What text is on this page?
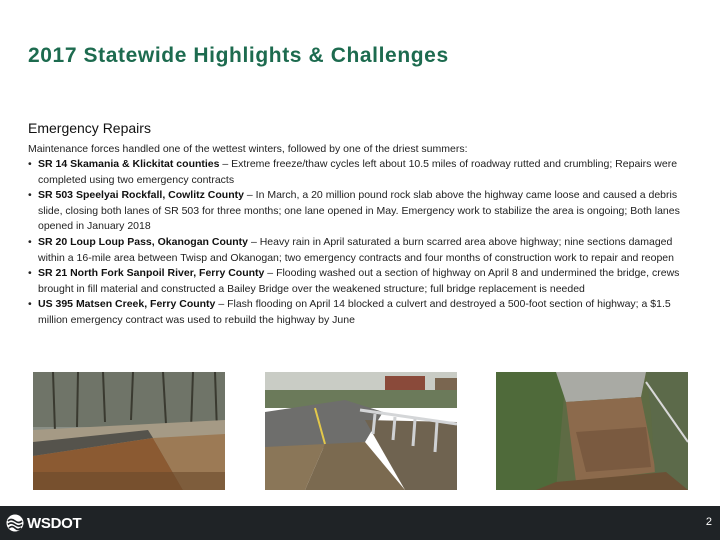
2017 Statewide Highlights & Challenges
Emergency Repairs
Maintenance forces handled one of the wettest winters, followed by one of the driest summers:
• SR 14 Skamania & Klickitat counties – Extreme freeze/thaw cycles left about 10.5 miles of roadway rutted and crumbling; Repairs were completed using two emergency contracts
• SR 503 Speelyai Rockfall, Cowlitz County – In March, a 20 million pound rock slab above the highway came loose and caused a debris slide, closing both lanes of SR 503 for three months; one lane opened in May. Emergency work to stabilize the area is ongoing; Both lanes opened in January 2018
• SR 20 Loup Loup Pass, Okanogan County – Heavy rain in April saturated a burn scarred area above highway; nine sections damaged within a 16-mile area between Twisp and Okanogan; two emergency contracts and four months of construction work to repair and reopen
• SR 21 North Fork Sanpoil River, Ferry County – Flooding washed out a section of highway on April 8 and undermined the bridge, crews brought in fill material and constructed a Bailey Bridge over the weakened structure; full bridge replacement is needed
• US 395 Matsen Creek, Ferry County – Flash flooding on April 14 blocked a culvert and destroyed a 500-foot section of highway; a $1.5 million emergency contract was used to rebuild the highway by June
WSDOT	2
